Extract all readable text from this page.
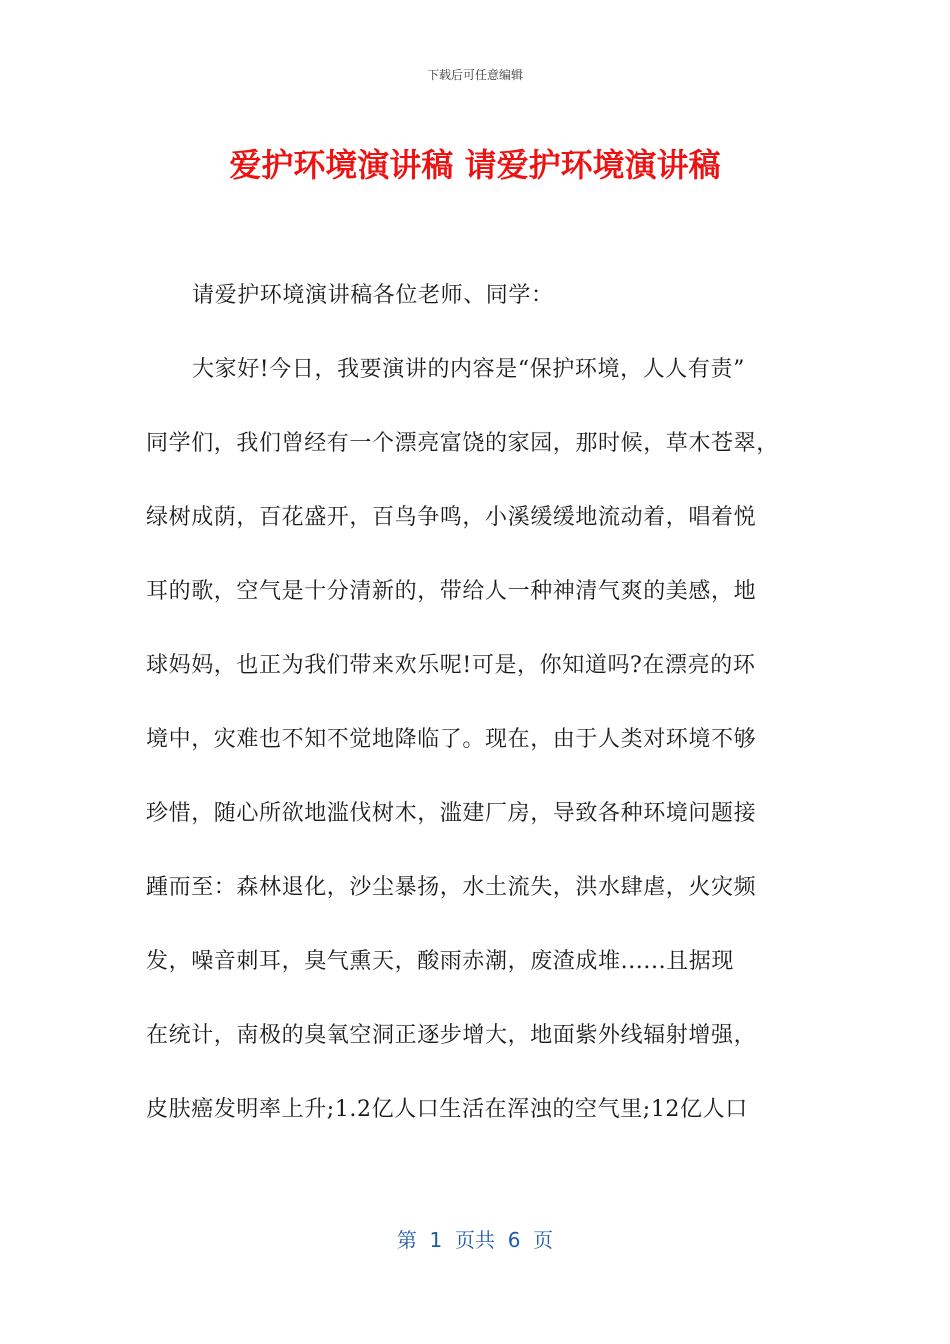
下载后可任意编辑
爱护环境演讲稿 请爱护环境演讲稿
请爱护环境演讲稿各位老师、同学：
大家好!今日，我要演讲的内容是“保护环境，人人有责”
同学们，我们曾经有一个漂亮富饶的家园，那时候，草木苍翠，
绿树成荫，百花盛开，百鸟争鸣，小溪缓缓地流动着，唱着悦
耳的歌，空气是十分清新的，带给人一种神清气爽的美感，地
球妈妈，也正为我们带来欢乐呢!可是，你知道吗?在漂亮的环
境中，灾难也不知不觉地降临了。现在，由于人类对环境不够
珍惜，随心所欲地滥伐树木，滥建厂房，导致各种环境问题接
踵而至：森林退化，沙尘暴扬，水土流失，洪水肆虐，火灾频
发，噪音刺耳，臭气熏天，酸雨赤潮，废渣成堆......且据现
在统计，南极的臭氧空洞正逐步增大，地面紫外线辐射增强，
皮肤癌发明率上升;1.2亿人口生活在浑浊的空气里;12亿人口
第  1  页共  6  页
